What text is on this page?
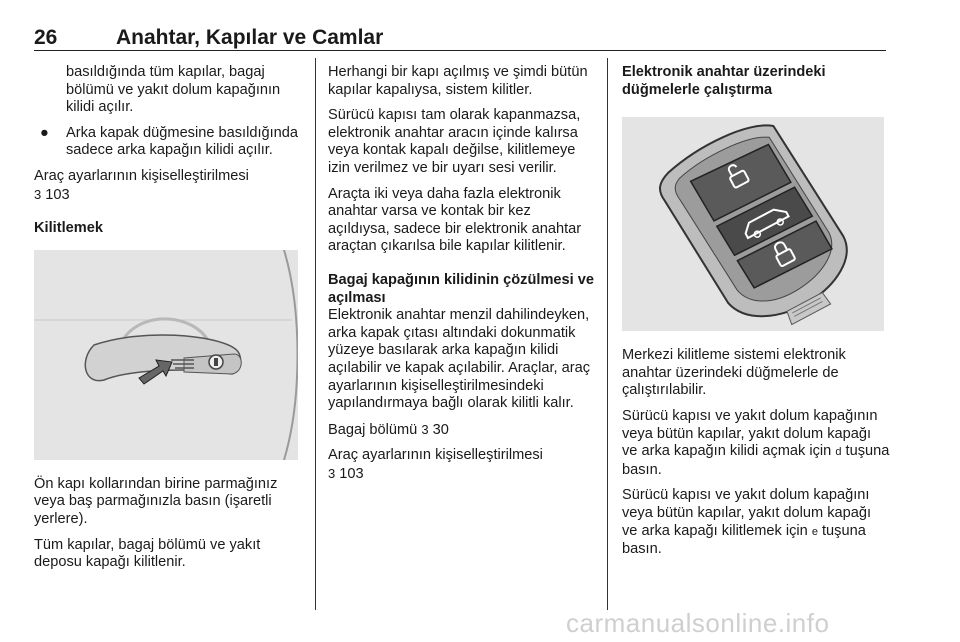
26	Anahtar, Kapılar ve Camlar

basıldığında tüm kapılar, bagaj bölümü ve yakıt dolum kapağının kilidi açılır.

● Arka kapak düğmesine basıldığında sadece arka kapağın kilidi açılır.

Araç ayarlarının kişiselleştirilmesi
3 103

Kilitlemek

Ön kapı kollarından birine parmağınız veya baş parmağınızla basın (işaretli yerlere).

Tüm kapılar, bagaj bölümü ve yakıt deposu kapağı kilitlenir.

Herhangi bir kapı açılmış ve şimdi bütün kapılar kapalıysa, sistem kilitler.

Sürücü kapısı tam olarak kapanmazsa, elektronik anahtar aracın içinde kalırsa veya kontak kapalı değilse, kilitlemeye izin verilmez ve bir uyarı sesi verilir.

Araçta iki veya daha fazla elektronik anahtar varsa ve kontak bir kez açıldıysa, sadece bir elektronik anahtar araçtan çıkarılsa bile kapılar kilitlenir.

Bagaj kapağının kilidinin çözülmesi ve açılması

Elektronik anahtar menzil dahilindeyken, arka kapak çıtası altındaki dokunmatik yüzeye basılarak arka kapağın kilidi açılabilir ve kapak açılabilir. Araçlar, araç ayarlarının kişiselleştirilmesindeki yapılandırmaya bağlı olarak kilitli kalır.

Bagaj bölümü 3 30

Araç ayarlarının kişiselleştirilmesi
3 103

Elektronik anahtar üzerindeki düğmelerle çalıştırma

Merkezi kilitleme sistemi elektronik anahtar üzerindeki düğmelerle de çalıştırılabilir.

Sürücü kapısı ve yakıt dolum kapağının veya bütün kapılar, yakıt dolum kapağı ve arka kapağın kilidi açmak için d tuşuna basın.

Sürücü kapısı ve yakıt dolum kapağını veya bütün kapılar, yakıt dolum kapağı ve arka kapağı kilitlemek için e tuşuna basın.

carmanualsonline.info
